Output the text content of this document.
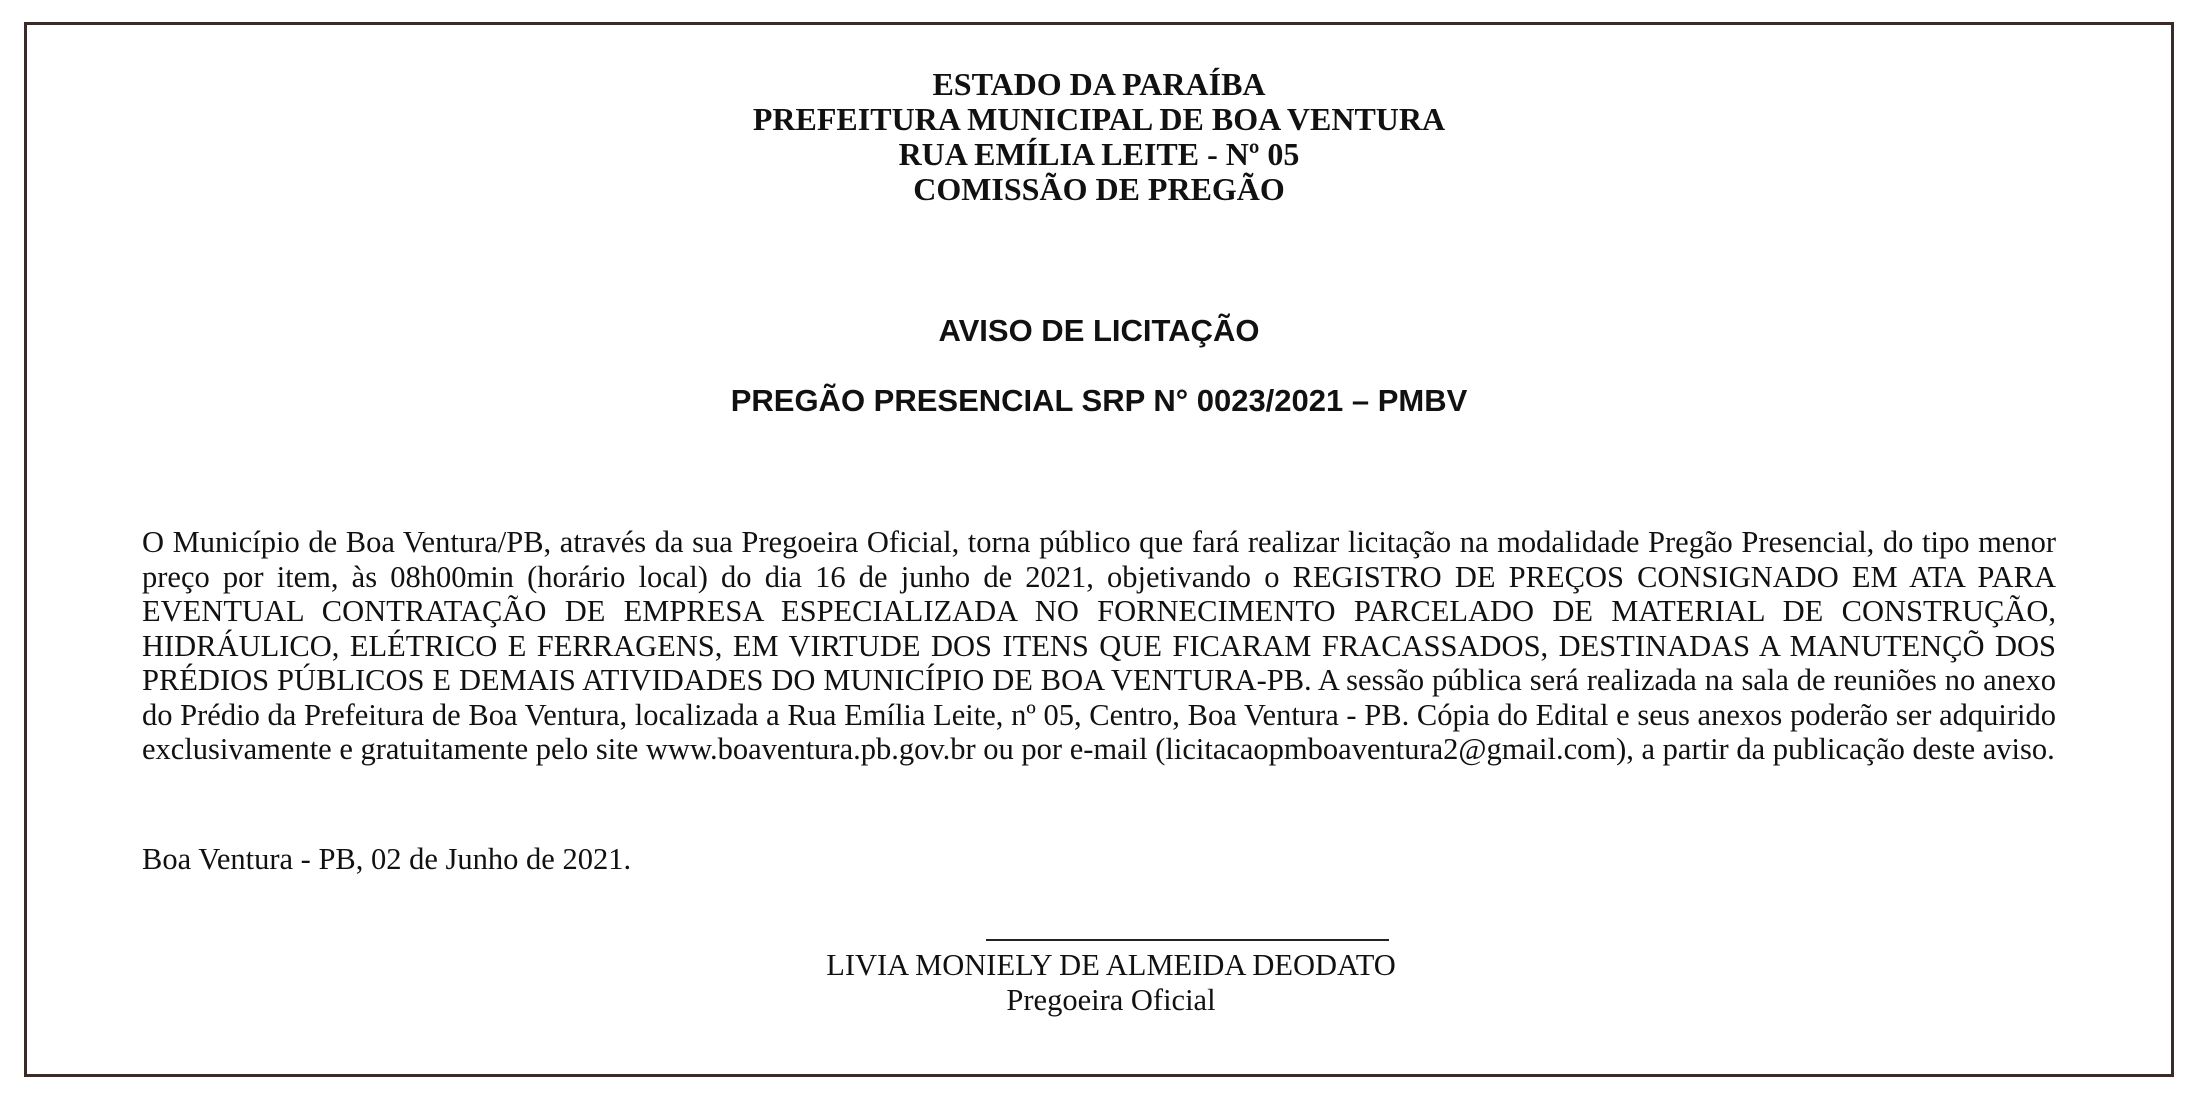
ESTADO DA PARAÍBA
PREFEITURA MUNICIPAL DE BOA VENTURA
RUA EMÍLIA LEITE - Nº 05
COMISSÃO DE PREGÃO
AVISO DE LICITAÇÃO
PREGÃO PRESENCIAL SRP N° 0023/2021 – PMBV

O Município de Boa Ventura/PB, através da sua Pregoeira Oficial, torna público que fará realizar licitação na modalidade Pregão Presencial, do tipo menor preço por item, às 08h00min (horário local) do dia 16 de junho de 2021, objetivando o REGISTRO DE PREÇOS CONSIGNADO EM ATA PARA EVENTUAL CONTRATAÇÃO DE EMPRESA ESPECIALIZADA NO FORNECIMENTO PARCELADO DE MATERIAL DE CONSTRUÇÃO, HIDRÁULICO, ELÉTRICO E FERRAGENS, EM VIRTUDE DOS ITENS QUE FICARAM FRACASSADOS, DESTINADAS A MANUTENÇÕ DOS PRÉDIOS PÚBLICOS E DEMAIS ATIVIDADES DO MUNICÍPIO DE BOA VENTURA-PB. A sessão pública será realizada na sala de reuniões no anexo do Prédio da Prefeitura de Boa Ventura, localizada a Rua Emília Leite, nº 05, Centro, Boa Ventura - PB. Cópia do Edital e seus anexos poderão ser adquirido exclusivamente e gratuitamente pelo site www.boaventura.pb.gov.br ou por e-mail (licitacaopmboaventura2@gmail.com), a partir da publicação deste aviso.

Boa Ventura - PB, 02 de Junho de 2021.

LIVIA MONIELY DE ALMEIDA DEODATO
Pregoeira Oficial
